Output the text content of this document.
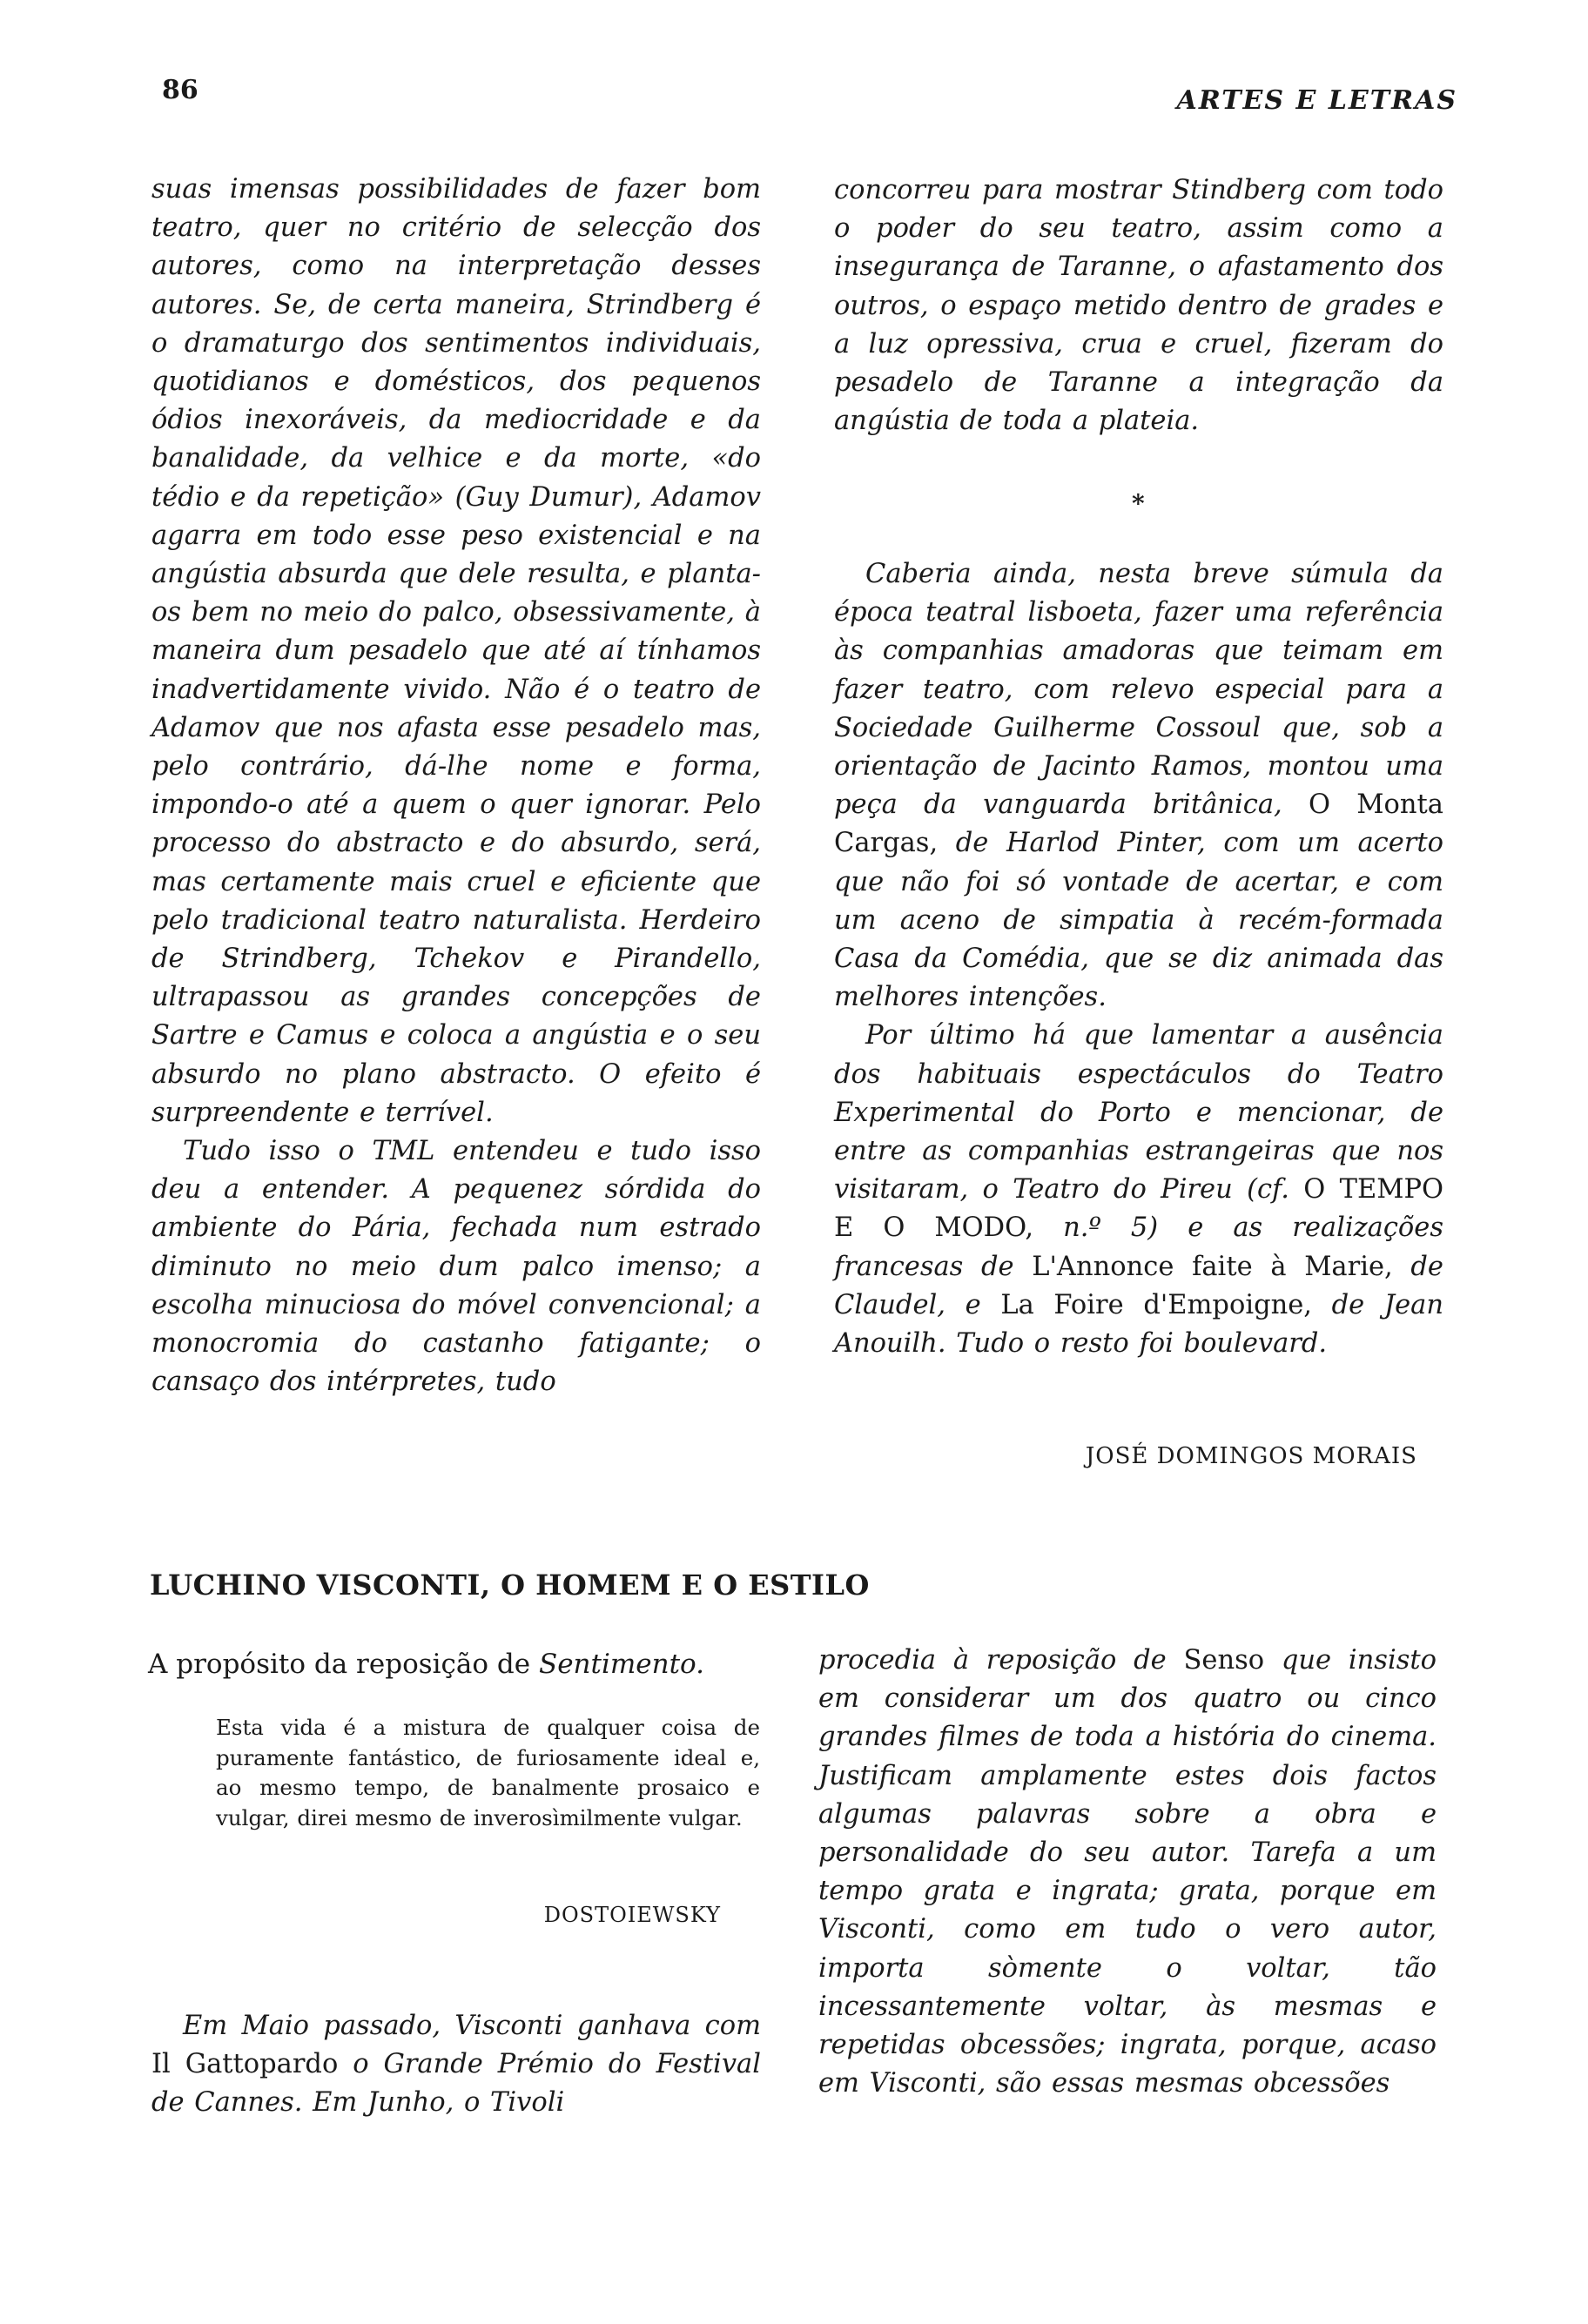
86	ARTES E LETRAS

suas imensas possibilidades de fazer bom teatro, quer no critério de selecção dos autores, como na interpretação desses autores. Se, de certa maneira, Strindberg é o dramaturgo dos sentimentos individuais, quotidianos e domésticos, dos pequenos ódios inexoráveis, da mediocridade e da banalidade, da velhice e da morte, «do tédio e da repetição» (Guy Dumur), Adamov agarra em todo esse peso existencial e na angústia absurda que dele resulta, e planta-os bem no meio do palco, obsessivamente, à maneira dum pesadelo que até aí tínhamos inadvertidamente vivido. Não é o teatro de Adamov que nos afasta esse pesadelo mas, pelo contrário, dá-lhe nome e forma, impondo-o até a quem o quer ignorar. Pelo processo do abstracto e do absurdo, será, mas certamente mais cruel e eficiente que pelo tradicional teatro naturalista. Herdeiro de Strindberg, Tchekov e Pirandello, ultrapassou as grandes concepções de Sartre e Camus e coloca a angústia e o seu absurdo no plano abstracto. O efeito é surpreendente e terrível.

Tudo isso o TML entendeu e tudo isso deu a entender. A pequenez sórdida do ambiente do Pária, fechada num estrado diminuto no meio dum palco imenso; a escolha minuciosa do móvel convencional; a monocromia do castanho fatigante; o cansaço dos intérpretes, tudo

concorreu para mostrar Stindberg com todo o poder do seu teatro, assim como a insegurança de Taranne, o afastamento dos outros, o espaço metido dentro de grades e a luz opressiva, crua e cruel, fizeram do pesadelo de Taranne a integração da angústia de toda a plateia.

*

Caberia ainda, nesta breve súmula da época teatral lisboeta, fazer uma referência às companhias amadoras que teimam em fazer teatro, com relevo especial para a Sociedade Guilherme Cossoul que, sob a orientação de Jacinto Ramos, montou uma peça da vanguarda britânica, O Monta Cargas, de Harlod Pinter, com um acerto que não foi só vontade de acertar, e com um aceno de simpatia à recém-formada Casa da Comédia, que se diz animada das melhores intenções.

Por último há que lamentar a ausência dos habituais espectáculos do Teatro Experimental do Porto e mencionar, de entre as companhias estrangeiras que nos visitaram, o Teatro do Pireu (cf. O TEMPO E O MODO, n.º 5) e as realizações francesas de L'Annonce faite à Marie, de Claudel, e La Foire d'Empoigne, de Jean Anouilh. Tudo o resto foi boulevard.

JOSÉ DOMINGOS MORAIS
LUCHINO VISCONTI, O HOMEM E O ESTILO
A propósito da reposição de Sentimento.
Esta vida é a mistura de qualquer coisa de puramente fantástico, de furiosamente ideal e, ao mesmo tempo, de banalmente prosaico e vulgar, direi mesmo de inverosìmilmente vulgar.
DOSTOIEWSKY

Em Maio passado, Visconti ganhava com Il Gattopardo o Grande Prémio do Festival de Cannes. Em Junho, o Tivoli

procedia à reposição de Senso que insisto em considerar um dos quatro ou cinco grandes filmes de toda a história do cinema. Justificam amplamente estes dois factos algumas palavras sobre a obra e personalidade do seu autor. Tarefa a um tempo grata e ingrata; grata, porque em Visconti, como em tudo o vero autor, importa sòmente o voltar, tão incessantemente voltar, às mesmas e repetidas obcessões; ingrata, porque, acaso em Visconti, são essas mesmas obcessões
